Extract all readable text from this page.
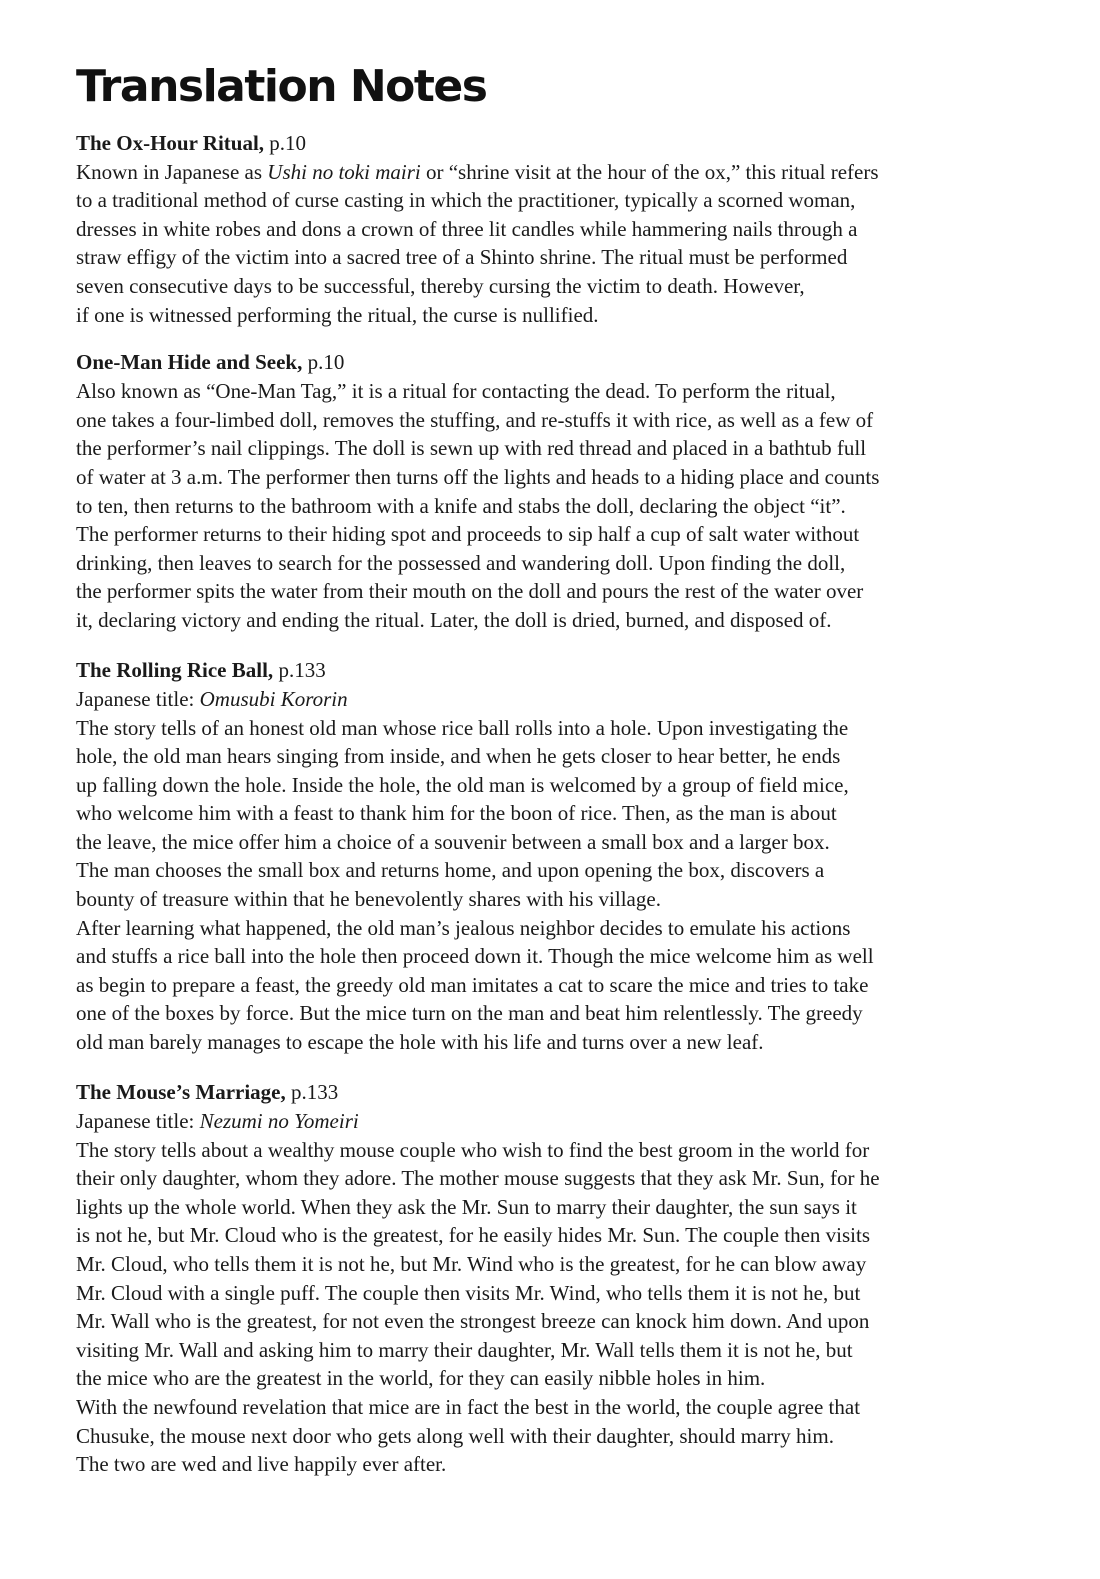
Translation Notes

The Ox-Hour Ritual, p.10

Known in Japanese as Ushi no toki mairi or “shrine visit at the hour of the ox,” this ritual refers
to a traditional method of curse casting in which the practitioner, typically a scorned woman,
dresses in white robes and dons a crown of three lit candles while hammering nails through a
straw effigy of the victim into a sacred tree of a Shinto shrine. The ritual must be performed
seven consecutive days to be successful, thereby cursing the victim to death. However,
if one is witnessed performing the ritual, the curse is nullified.

One-Man Hide and Seek, p.10

Also known as “One-Man Tag,” it is a ritual for contacting the dead. To perform the ritual,
one takes a four-limbed doll, removes the stuffing, and re-stuffs it with rice, as well as a few of
the performer’s nail clippings. The doll is sewn up with red thread and placed in a bathtub full
of water at 3 a.m. The performer then turns off the lights and heads to a hiding place and counts
to ten, then returns to the bathroom with a knife and stabs the doll, declaring the object “it”.
The performer returns to their hiding spot and proceeds to sip half a cup of salt water without
drinking, then leaves to search for the possessed and wandering doll. Upon finding the doll,
the performer spits the water from their mouth on the doll and pours the rest of the water over
it, declaring victory and ending the ritual. Later, the doll is dried, burned, and disposed of.

The Rolling Rice Ball, p.133

Japanese title: Omusubi Kororin

The story tells of an honest old man whose rice ball rolls into a hole. Upon investigating the
hole, the old man hears singing from inside, and when he gets closer to hear better, he ends
up falling down the hole. Inside the hole, the old man is welcomed by a group of field mice,
who welcome him with a feast to thank him for the boon of rice. Then, as the man is about
the leave, the mice offer him a choice of a souvenir between a small box and a larger box.
The man chooses the small box and returns home, and upon opening the box, discovers a
bounty of treasure within that he benevolently shares with his village.
After learning what happened, the old man’s jealous neighbor decides to emulate his actions
and stuffs a rice ball into the hole then proceed down it. Though the mice welcome him as well
as begin to prepare a feast, the greedy old man imitates a cat to scare the mice and tries to take
one of the boxes by force. But the mice turn on the man and beat him relentlessly. The greedy
old man barely manages to escape the hole with his life and turns over a new leaf.

The Mouse’s Marriage, p.133

Japanese title: Nezumi no Yomeiri

The story tells about a wealthy mouse couple who wish to find the best groom in the world for
their only daughter, whom they adore. The mother mouse suggests that they ask Mr. Sun, for he
lights up the whole world. When they ask the Mr. Sun to marry their daughter, the sun says it
is not he, but Mr. Cloud who is the greatest, for he easily hides Mr. Sun. The couple then visits
Mr. Cloud, who tells them it is not he, but Mr. Wind who is the greatest, for he can blow away
Mr. Cloud with a single puff. The couple then visits Mr. Wind, who tells them it is not he, but
Mr. Wall who is the greatest, for not even the strongest breeze can knock him down. And upon
visiting Mr. Wall and asking him to marry their daughter, Mr. Wall tells them it is not he, but
the mice who are the greatest in the world, for they can easily nibble holes in him.
With the newfound revelation that mice are in fact the best in the world, the couple agree that
Chusuke, the mouse next door who gets along well with their daughter, should marry him.
The two are wed and live happily ever after.
